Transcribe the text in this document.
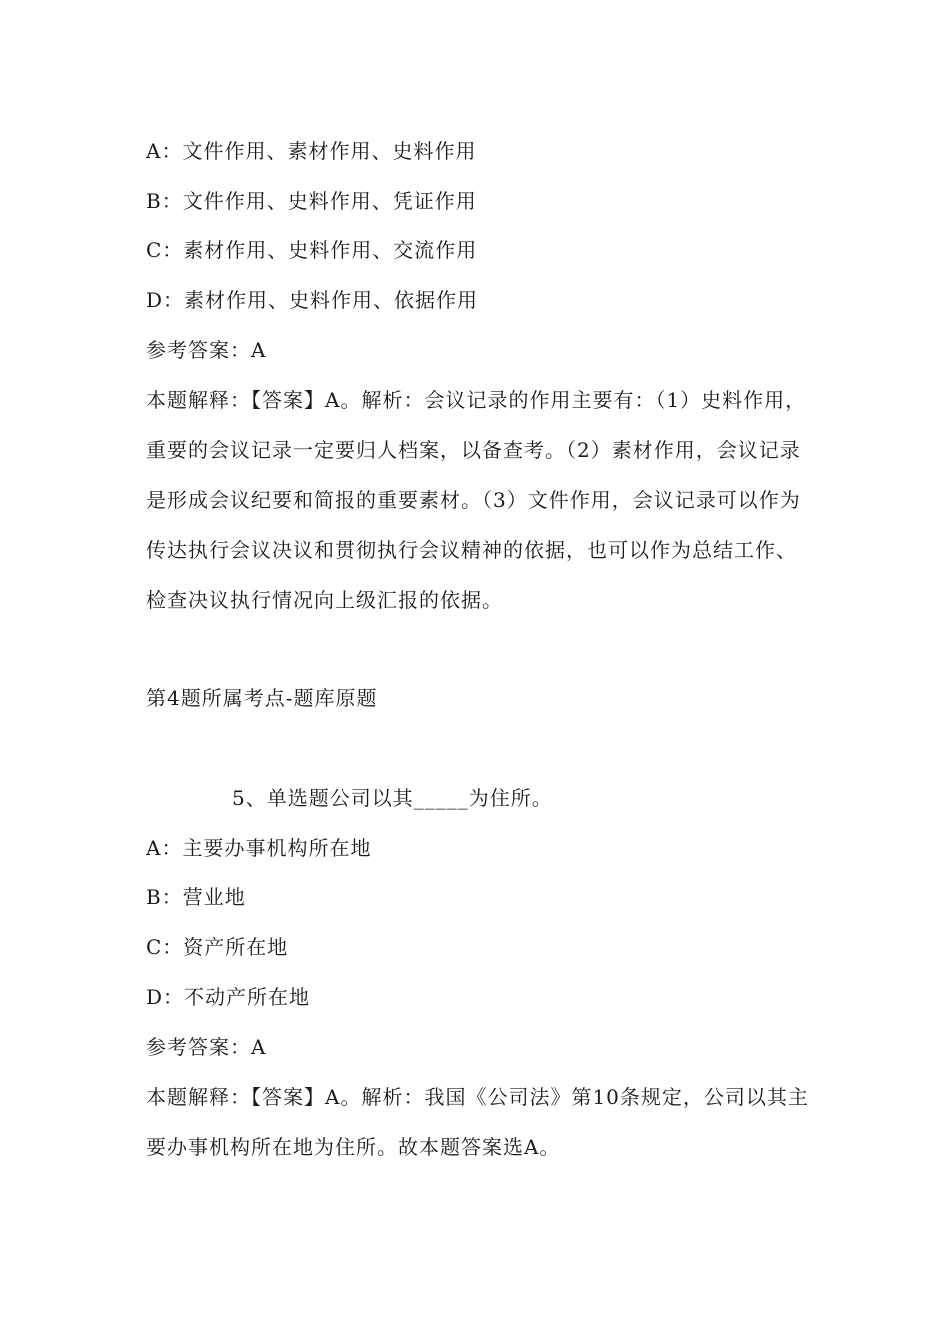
A：文件作用、素材作用、史料作用
B：文件作用、史料作用、凭证作用
C：素材作用、史料作用、交流作用
D：素材作用、史料作用、依据作用
参考答案：A
本题解释：【答案】A。解析：会议记录的作用主要有：（1）史料作用，重要的会议记录一定要归人档案，以备查考。（2）素材作用，会议记录是形成会议纪要和简报的重要素材。（3）文件作用，会议记录可以作为传达执行会议决议和贯彻执行会议精神的依据，也可以作为总结工作、检查决议执行情况向上级汇报的依据。
第4题所属考点-题库原题
5、单选题公司以其_____为住所。
A：主要办事机构所在地
B：营业地
C：资产所在地
D：不动产所在地
参考答案：A
本题解释：【答案】A。解析：我国《公司法》第10条规定，公司以其主要办事机构所在地为住所。故本题答案选A。
